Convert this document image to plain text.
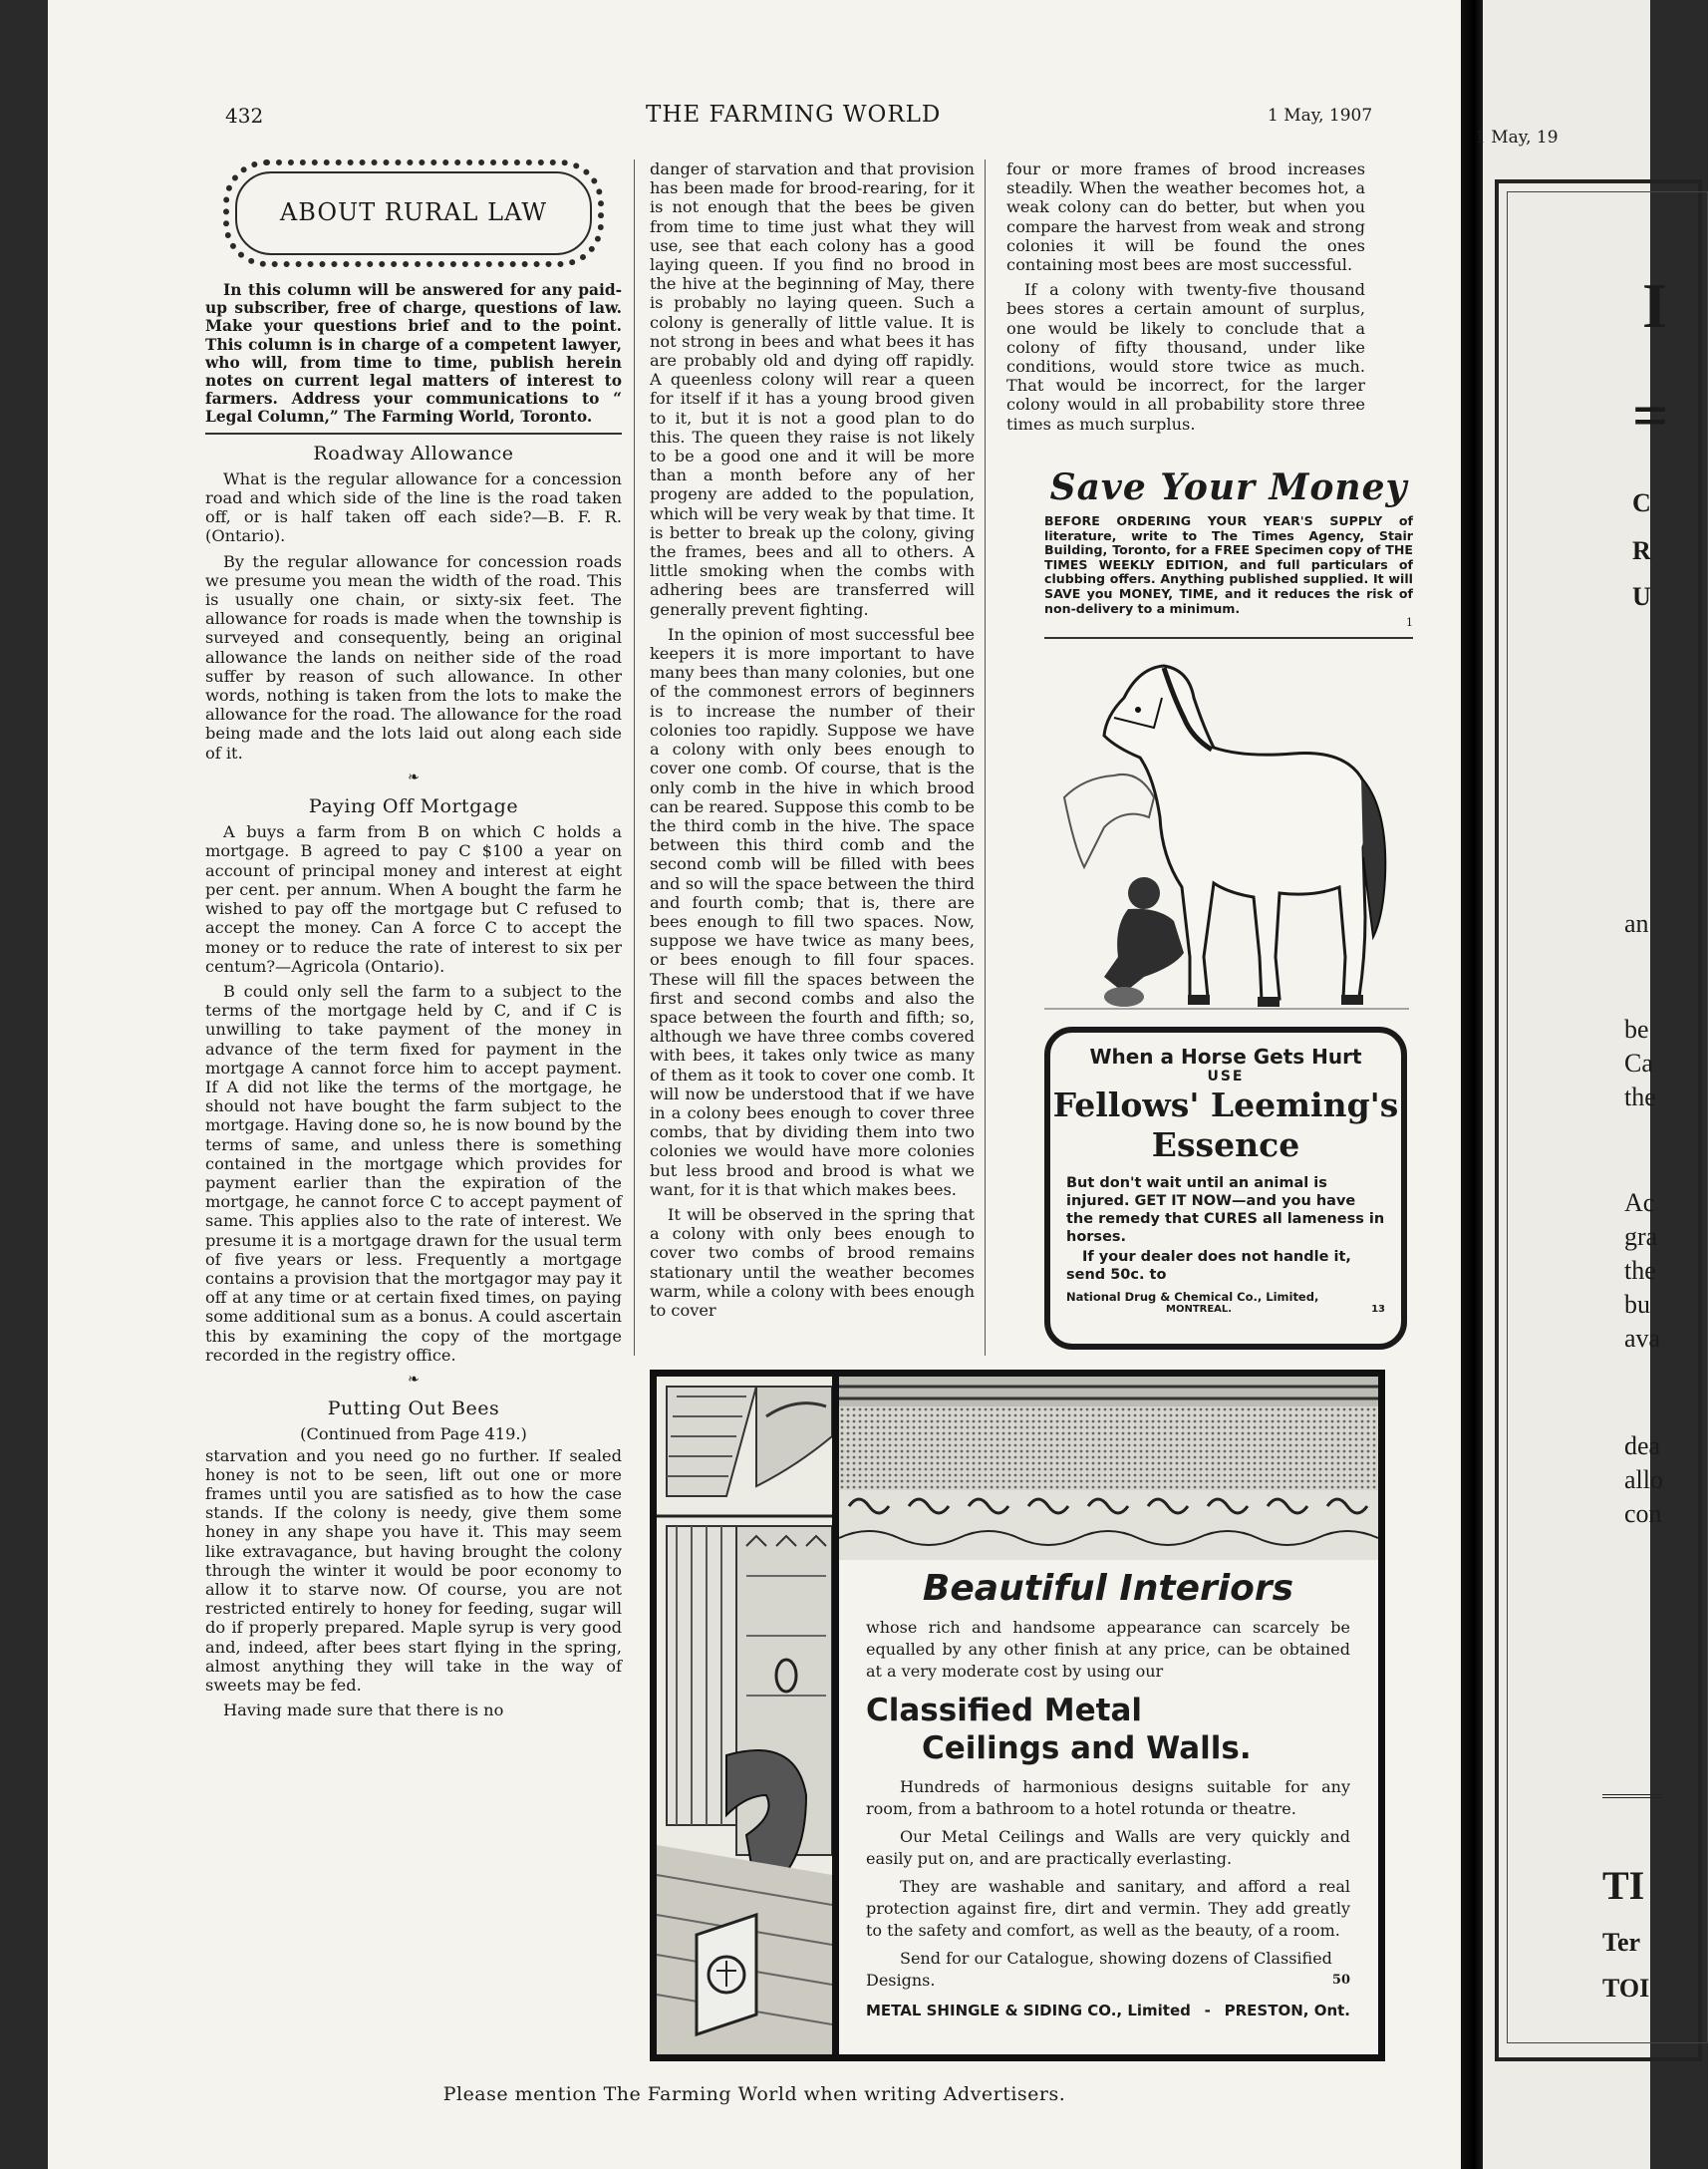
432	THE FARMING WORLD	1 May, 1907
ABOUT RURAL LAW

In this column will be answered for any paid-up subscriber, free of charge, questions of law. Make your questions brief and to the point. This column is in charge of a competent lawyer, who will, from time to time, publish herein notes on current legal matters of interest to farmers. Address your communications to “ Legal Column,” The Farming World, Toronto.

Roadway Allowance

What is the regular allowance for a concession road and which side of the line is the road taken off, or is half taken off each side?—B. F. R. (Ontario).

By the regular allowance for concession roads we presume you mean the width of the road. This is usually one chain, or sixty-six feet. The allowance for roads is made when the township is surveyed and consequently, being an original allowance the lands on neither side of the road suffer by reason of such allowance. In other words, nothing is taken from the lots to make the allowance for the road. The allowance for the road being made and the lots laid out along each side of it.

❧
Paying Off Mortgage

A buys a farm from B on which C holds a mortgage. B agreed to pay C $100 a year on account of principal money and interest at eight per cent. per annum. When A bought the farm he wished to pay off the mortgage but C refused to accept the money. Can A force C to accept the money or to reduce the rate of interest to six per centum?—Agricola (Ontario).

B could only sell the farm to a subject to the terms of the mortgage held by C, and if C is unwilling to take payment of the money in advance of the term fixed for payment in the mortgage A cannot force him to accept payment. If A did not like the terms of the mortgage, he should not have bought the farm subject to the mortgage. Having done so, he is now bound by the terms of same, and unless there is something contained in the mortgage which provides for payment earlier than the expiration of the mortgage, he cannot force C to accept payment of same. This applies also to the rate of interest. We presume it is a mortgage drawn for the usual term of five years or less. Frequently a mortgage contains a provision that the mortgagor may pay it off at any time or at certain fixed times, on paying some additional sum as a bonus. A could ascertain this by examining the copy of the mortgage recorded in the registry office.

❧
Putting Out Bees
(Continued from Page 419.)

starvation and you need go no further. If sealed honey is not to be seen, lift out one or more frames until you are satisfied as to how the case stands. If the colony is needy, give them some honey in any shape you have it. This may seem like extravagance, but having brought the colony through the winter it would be poor economy to allow it to starve now. Of course, you are not restricted entirely to honey for feeding, sugar will do if properly prepared. Maple syrup is very good and, indeed, after bees start flying in the spring, almost anything they will take in the way of sweets may be fed.

Having made sure that there is no

danger of starvation and that provision has been made for brood-rearing, for it is not enough that the bees be given from time to time just what they will use, see that each colony has a good laying queen. If you find no brood in the hive at the beginning of May, there is probably no laying queen. Such a colony is generally of little value. It is not strong in bees and what bees it has are probably old and dying off rapidly. A queenless colony will rear a queen for itself if it has a young brood given to it, but it is not a good plan to do this. The queen they raise is not likely to be a good one and it will be more than a month before any of her progeny are added to the population, which will be very weak by that time. It is better to break up the colony, giving the frames, bees and all to others. A little smoking when the combs with adhering bees are transferred will generally prevent fighting.

In the opinion of most successful bee keepers it is more important to have many bees than many colonies, but one of the commonest errors of beginners is to increase the number of their colonies too rapidly. Suppose we have a colony with only bees enough to cover one comb. Of course, that is the only comb in the hive in which brood can be reared. Suppose this comb to be the third comb in the hive. The space between this third comb and the second comb will be filled with bees and so will the space between the third and fourth comb; that is, there are bees enough to fill two spaces. Now, suppose we have twice as many bees, or bees enough to fill four spaces. These will fill the spaces between the first and second combs and also the space between the fourth and fifth; so, although we have three combs covered with bees, it takes only twice as many of them as it took to cover one comb. It will now be understood that if we have in a colony bees enough to cover three combs, that by dividing them into two colonies we would have more colonies but less brood and brood is what we want, for it is that which makes bees.

It will be observed in the spring that a colony with only bees enough to cover two combs of brood remains stationary until the weather becomes warm, while a colony with bees enough to cover

four or more frames of brood increases steadily. When the weather becomes hot, a weak colony can do better, but when you compare the harvest from weak and strong colonies it will be found the ones containing most bees are most successful.

If a colony with twenty-five thousand bees stores a certain amount of surplus, one would be likely to conclude that a colony of fifty thousand, under like conditions, would store twice as much. That would be incorrect, for the larger colony would in all probability store three times as much surplus.

Save Your Money
BEFORE ORDERING YOUR YEAR'S SUPPLY of literature, write to The Times Agency, Stair Building, Toronto, for a FREE Specimen copy of THE TIMES WEEKLY EDITION, and full particulars of clubbing offers. Anything published supplied. It will SAVE you MONEY, TIME, and it reduces the risk of non-delivery to a minimum.
1
When a Horse Gets Hurt
USE
Fellows' Leeming's
Essence
But don't wait until an animal is injured. GET IT NOW—and you have the remedy that CURES all lameness in horses.
If your dealer does not handle it, send 50c. to
National Drug & Chemical Co., Limited,
MONTREAL.	13
Beautiful Interiors
whose rich and handsome appearance can scarcely be equalled by any other finish at any price, can be obtained at a very moderate cost by using our
Classified Metal
Ceilings and Walls.
Hundreds of harmonious designs suitable for any room, from a bathroom to a hotel rotunda or theatre.
Our Metal Ceilings and Walls are very quickly and easily put on, and are practically everlasting.
They are washable and sanitary, and afford a real protection against fire, dirt and vermin. They add greatly to the safety and comfort, as well as the beauty, of a room.
Send for our Catalogue, showing dozens of Classified Designs.	50
METAL SHINGLE & SIDING CO., Limited - PRESTON, Ont.
Please mention The Farming World when writing Advertisers.
1 May, 19
I
=
C
R
U
an
be
Ca
the
Ac
gra
the
bu
ava
dea
allo
con
TI
Ter
TOI
